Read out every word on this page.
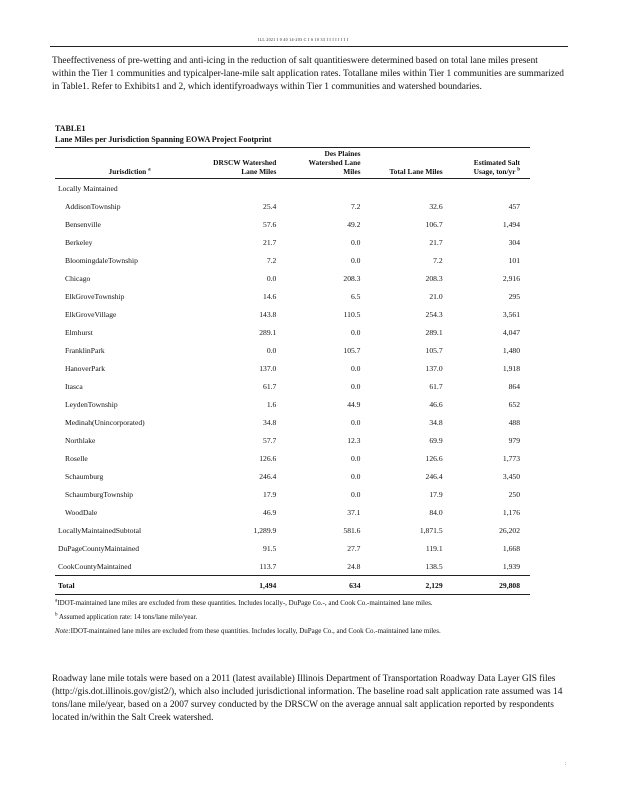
ILL 2021 I 0 40 14-203 C I S 10 33 I I I I I I I I

Theeffectiveness of pre-wetting and anti-icing in the reduction of salt quantitieswere determined based on total lane miles present within the Tier 1 communities and typicalper-lane-mile salt application rates. Totallane miles within Tier 1 communities are summarized in Table1. Refer to Exhibits1 and 2, which identifyroadways within Tier 1 communities and watershed boundaries.

TABLE1
Lane Miles per Jurisdiction Spanning EOWA Project Footprint
Jurisdiction $^a$	DRSCW Watershed Lane Miles	Des Plaines Watershed Lane Miles	Total Lane Miles	Estimated Salt Usage, ton/yr $^b$
Locally Maintained				
AddisonTownship	25.4	7.2	32.6	457
Bensenville	57.6	49.2	106.7	1,494
Berkeley	21.7	0.0	21.7	304
BloomingdaleTownship	7.2	0.0	7.2	101
Chicago	0.0	208.3	208.3	2,916
ElkGroveTownship	14.6	6.5	21.0	295
ElkGroveVillage	143.8	110.5	254.3	3,561
Elmhurst	289.1	0.0	289.1	4,047
FranklinPark	0.0	105.7	105.7	1,480
HanoverPark	137.0	0.0	137.0	1,918
Itasca	61.7	0.0	61.7	864
LeydenTownship	1.6	44.9	46.6	652
Medinah(Unincorporated)	34.8	0.0	34.8	488
Northlake	57.7	12.3	69.9	979
Roselle	126.6	0.0	126.6	1,773
Schaumburg	246.4	0.0	246.4	3,450
SchaumburgTownship	17.9	0.0	17.9	250
WoodDale	46.9	37.1	84.0	1,176
LocallyMaintainedSubtotal	1,289.9	581.6	1,871.5	26,202
DuPageCountyMaintained	91.5	27.7	119.1	1,668
CookCountyMaintained	113.7	24.8	138.5	1,939
Total	1,494	634	2,129	29,808

$^a$IDOT-maintained lane miles are excluded from these quantities. Includes locally-, DuPage Co.-, and Cook Co.-maintained lane miles.

$^b$ Assumed application rate: 14 tons/lane mile/year.

Note:IDOT-maintained lane miles are excluded from these quantities. Includes locally, DuPage Co., and Cook Co.-maintained lane miles.

Roadway lane mile totals were based on a 2011 (latest available) Illinois Department of Transportation Roadway Data Layer GIS files (http://gis.dot.illinois.gov/gist2/), which also included jurisdictional information. The baseline road salt application rate assumed was 14 tons/lane mile/year, based on a 2007 survey conducted by the DRSCW on the average annual salt application reported by respondents located in/within the Salt Creek watershed.

:
